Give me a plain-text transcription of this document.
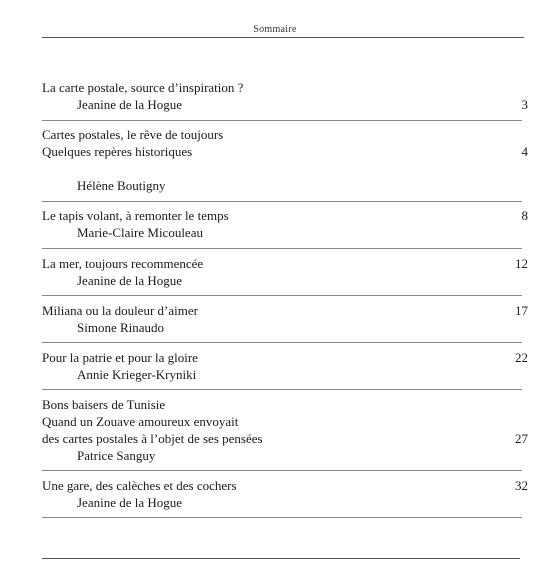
Sommaire
La carte postale, source d’inspiration ?
Jeanine de la Hogue	3
Cartes postales, le rêve de toujours
Quelques repères historiques
Hélène Boutigny
4
Le tapis volant, à remonter le temps
Marie-Claire Micouleau
8
La mer, toujours recommencée
Jeanine de la Hogue
12
Miliana ou la douleur d’aimer
Simone Rinaudo
17
Pour la patrie et pour la gloire
Annie Krieger-Kryniki
22
Bons baisers de Tunisie
Quand un Zouave amoureux envoyait
des cartes postales à l’objet de ses pensées
Patrice Sanguy
27
Une gare, des calèches et des cochers
Jeanine de la Hogue
32
